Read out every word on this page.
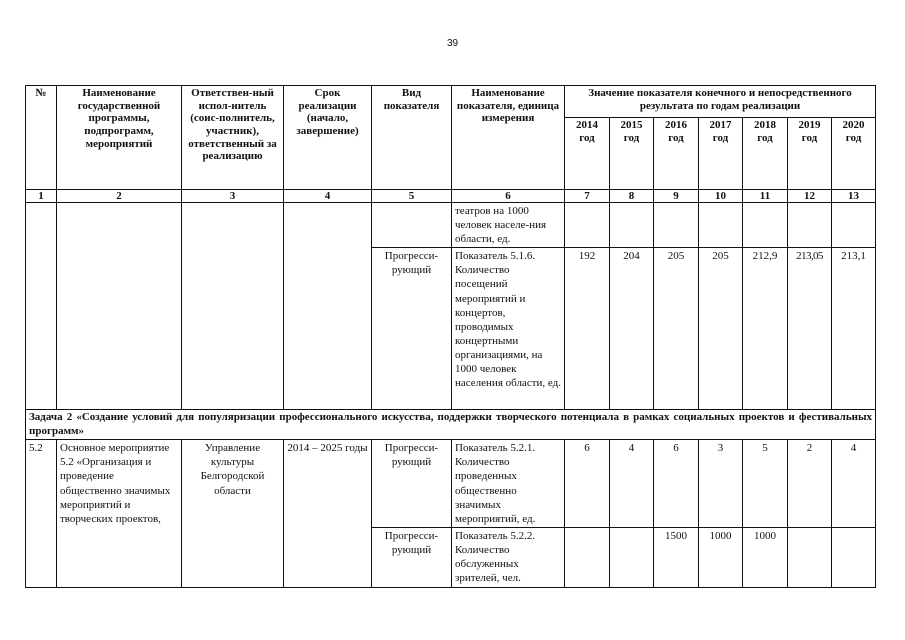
39
№	Наименование государственной программы, подпрограмм, мероприятий	Ответствен-ный испол-нитель (соис-полнитель, участник), ответственный за реализацию	Срок реализации (начало, завершение)	Вид показателя	Наименование показателя, единица измерения	Значение показателя конечного и непосредственного результата по годам реализации						
						2014 год	2015 год	2016 год	2017 год	2018 год	2019 год	2020 год
1	2	3	4	5	6	7	8	9	10	11	12	13
					театров на 1000 человек населе-ния области, ед.							
				Прогресси-рующий	Показатель 5.1.6. Количество посещений мероприятий и концертов, проводимых концертными организациями, на 1000 человек населения области, ед.	192	204	205	205	212,9	213,05	213,1
Задача 2 «Создание условий для популяризации профессионального искусства, поддержки творческого потенциала в рамках социальных проектов и фестивальных программ»												
5.2	Основное мероприятие 5.2 «Организация и проведение общественно значимых мероприятий и творческих проектов,	Управление культуры Белгородской области	2014 – 2025 годы	Прогресси-рующий	Показатель 5.2.1. Количество проведенных общественно значимых мероприятий, ед.	6	4	6	3	5	2	4
				Прогресси-рующий	Показатель 5.2.2. Количество обслуженных зрителей, чел.			1500	1000	1000		
